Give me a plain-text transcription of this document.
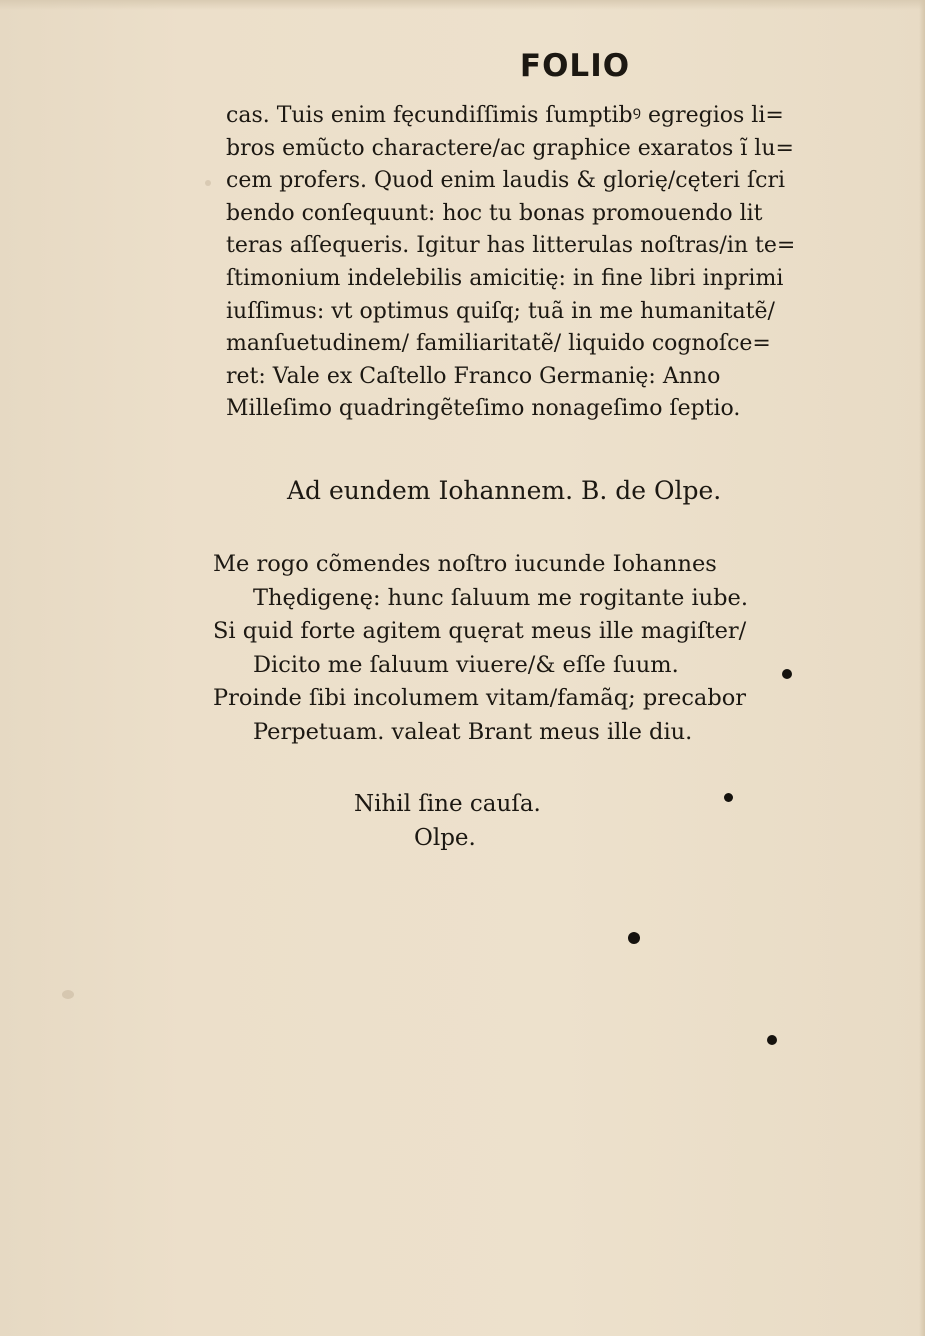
FOLIO
cas. Tuis enim fęcundiſſimis ſumptibꝰ egregios li=
bros emũcto charactere/ac graphice exaratos ĩ lu=
cem profers. Quod enim laudis & glorię/cęteri ſcri
bendo conſequunt: hoc tu bonas promouendo lit
teras aſſequeris. Igitur has litterulas noſtras/in te=
ſtimonium indelebilis amicitię: in fine libri inprimi
iuſſimus: vt optimus quiſq; tuã in me humanitatẽ/
manſuetudinem/ familiaritatẽ/ liquido cognoſce=
ret: Vale ex Caſtello Franco Germanię: Anno
Milleſimo quadringẽteſimo nonageſimo ſeptio.
Ad eundem Iohannem. B. de Olpe.
Me rogo cõmendes noſtro iucunde Iohannes
Thędigenę: hunc ſaluum me rogitante iube.
Si quid forte agitem quęrat meus ille magiſter/
Dicito me ſaluum viuere/& eſſe ſuum.
Proinde ſibi incolumem vitam/famãq; precabor
Perpetuam. valeat Brant meus ille diu.
Nihil ſine cauſa.
Olpe.
